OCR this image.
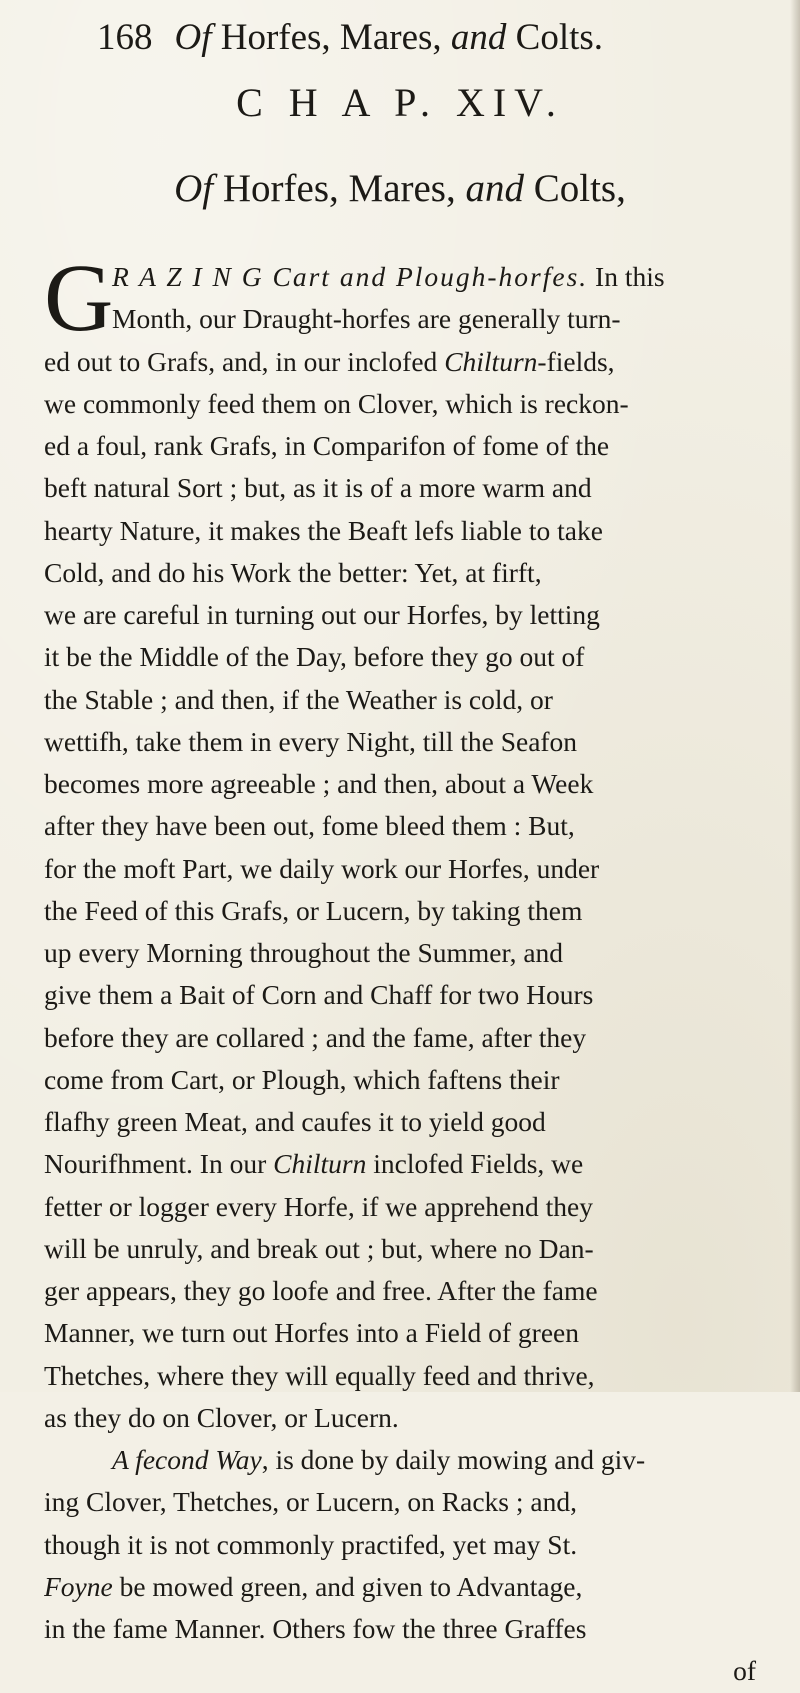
168 Of Horfes, Mares, and Colts.
C H A P. XIV.
Of Horfes, Mares, and Colts,
G
R A Z I N G Cart and Plough-horfes. In this
Month, our Draught-horfes are generally turn-
ed out to Grafs, and, in our inclofed Chilturn-fields,
we commonly feed them on Clover, which is reckon-
ed a foul, rank Grafs, in Comparifon of fome of the
beft natural Sort ; but, as it is of a more warm and
hearty Nature, it makes the Beaft lefs liable to take
Cold, and do his Work the better: Yet, at firft,
we are careful in turning out our Horfes, by letting
it be the Middle of the Day, before they go out of
the Stable ; and then, if the Weather is cold, or
wettifh, take them in every Night, till the Seafon
becomes more agreeable ; and then, about a Week
after they have been out, fome bleed them : But,
for the moft Part, we daily work our Horfes, under
the Feed of this Grafs, or Lucern, by taking them
up every Morning throughout the Summer, and
give them a Bait of Corn and Chaff for two Hours
before they are collared ; and the fame, after they
come from Cart, or Plough, which faftens their
flafhy green Meat, and caufes it to yield good
Nourifhment. In our Chilturn inclofed Fields, we
fetter or logger every Horfe, if we apprehend they
will be unruly, and break out ; but, where no Dan-
ger appears, they go loofe and free. After the fame
Manner, we turn out Horfes into a Field of green
Thetches, where they will equally feed and thrive,
as they do on Clover, or Lucern.
A fecond Way, is done by daily mowing and giv-
ing Clover, Thetches, or Lucern, on Racks ; and,
though it is not commonly practifed, yet may St.
Foyne be mowed green, and given to Advantage,
in the fame Manner. Others fow the three Graffes
of
